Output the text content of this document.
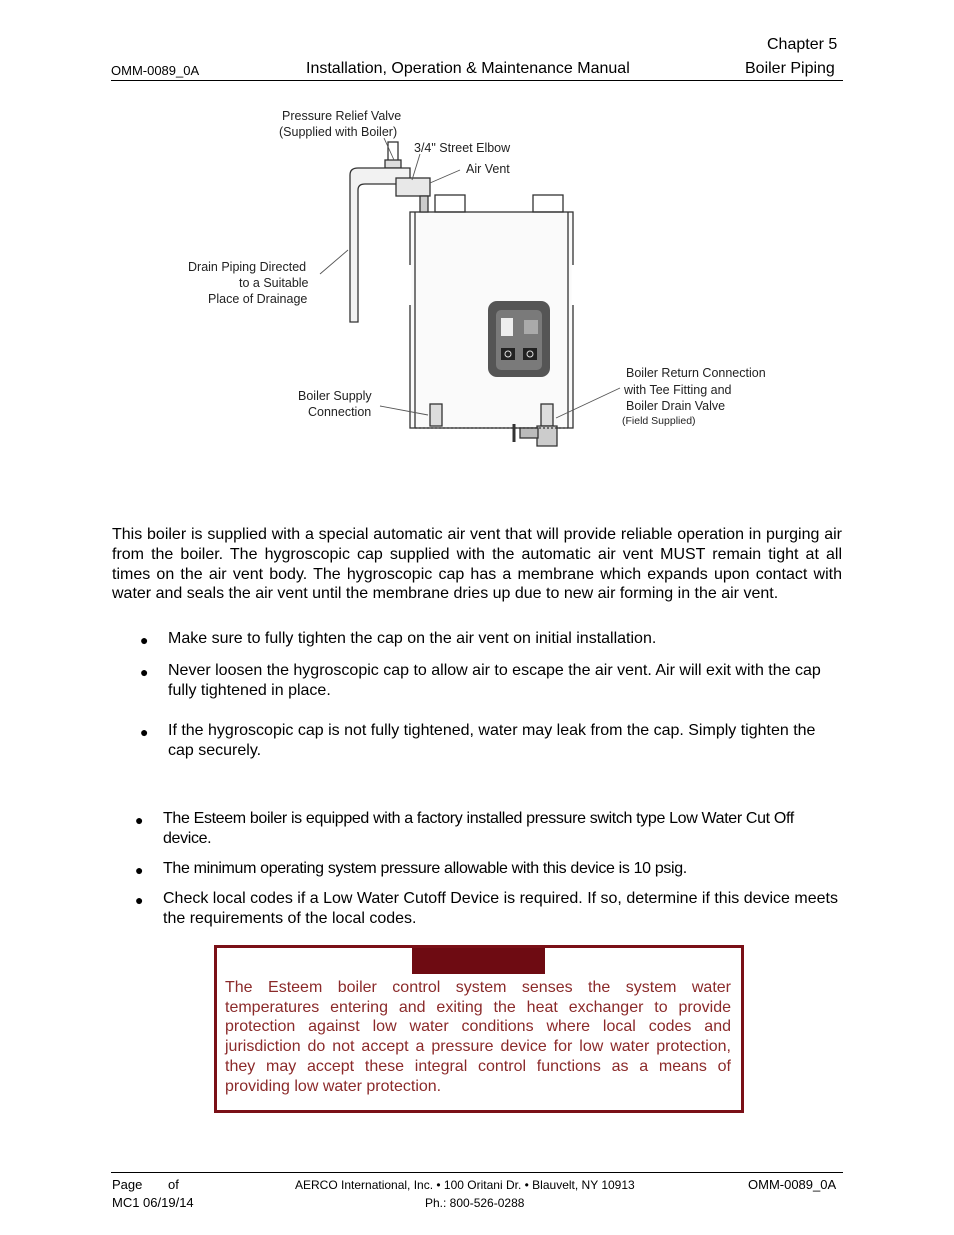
Chapter 5
OMM-0089_0A	Installation, Operation & Maintenance Manual	Boiler Piping
Pressure Relief Valve
(Supplied with Boiler)
3/4" Street Elbow
Air Vent
Drain Piping Directed
to a Suitable
Place of Drainage
Boiler Supply
Connection
Boiler Return Connection
with Tee Fitting and
Boiler Drain Valve
(Field Supplied)
This boiler is supplied with a special automatic air vent that will provide reliable operation in purging air from the boiler. The hygroscopic cap supplied with the automatic air vent MUST remain tight at all times on the air vent body. The hygroscopic cap has a membrane which expands upon contact with water and seals the air vent until the membrane dries up due to new air forming in the air vent.
● Make sure to fully tighten the cap on the air vent on initial installation.
● Never loosen the hygroscopic cap to allow air to escape the air vent. Air will exit with the cap fully tightened in place.
● If the hygroscopic cap is not fully tightened, water may leak from the cap. Simply tighten the cap securely.
● The Esteem boiler is equipped with a factory installed pressure switch type Low Water Cut Off device.
● The minimum operating system pressure allowable with this device is 10 psig.
● Check local codes if a Low Water Cutoff Device is required. If so, determine if this device meets the requirements of the local codes.
The Esteem boiler control system senses the system water temperatures entering and exiting the heat exchanger to provide protection against low water conditions where local codes and jurisdiction do not accept a pressure device for low water protection, they may accept these integral control functions as a means of providing low water protection.
Page of
MC1 06/19/14
AERCO International, Inc. • 100 Oritani Dr. • Blauvelt, NY 10913
Ph.: 800-526-0288
OMM-0089_0A
